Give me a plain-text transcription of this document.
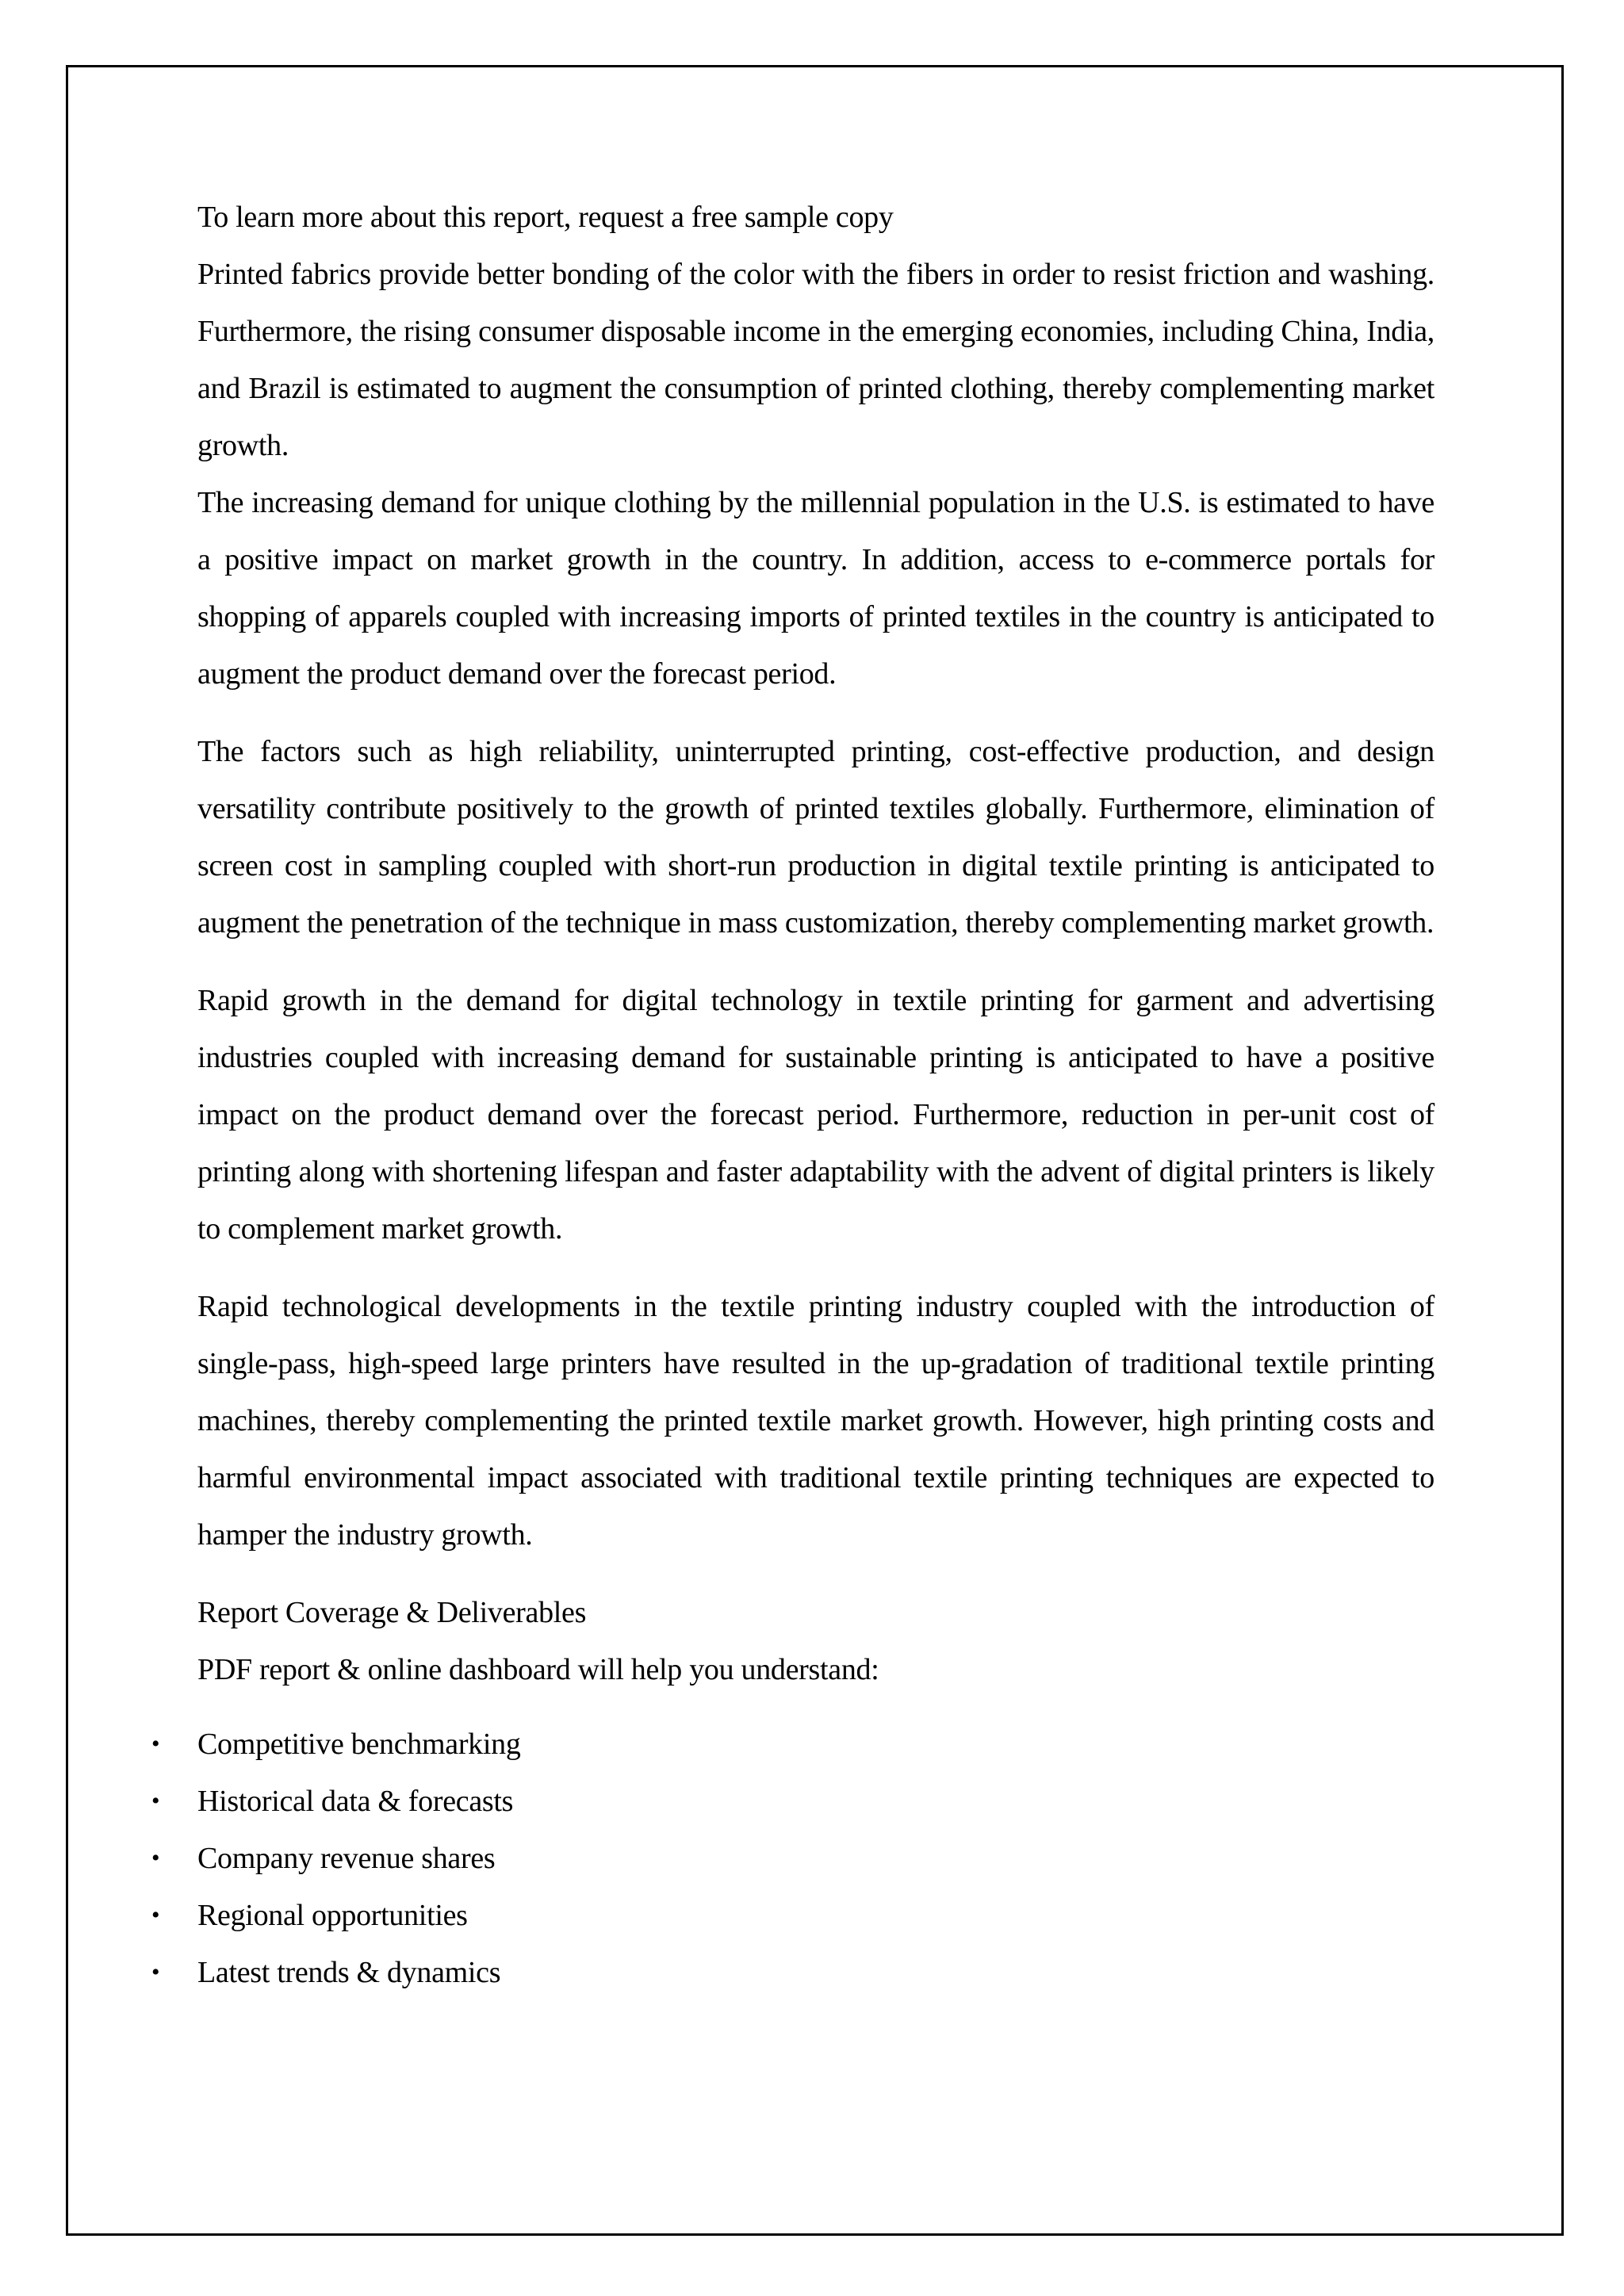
To learn more about this report, request a free sample copy

Printed fabrics provide better bonding of the color with the fibers in order to resist friction and washing. Furthermore, the rising consumer disposable income in the emerging economies, including China, India, and Brazil is estimated to augment the consumption of printed clothing, thereby complementing market growth.

The increasing demand for unique clothing by the millennial population in the U.S. is estimated to have a positive impact on market growth in the country. In addition, access to e-commerce portals for shopping of apparels coupled with increasing imports of printed textiles in the country is anticipated to augment the product demand over the forecast period.

The factors such as high reliability, uninterrupted printing, cost-effective production, and design versatility contribute positively to the growth of printed textiles globally. Furthermore, elimination of screen cost in sampling coupled with short-run production in digital textile printing is anticipated to augment the penetration of the technique in mass customization, thereby complementing market growth.

Rapid growth in the demand for digital technology in textile printing for garment and advertising industries coupled with increasing demand for sustainable printing is anticipated to have a positive impact on the product demand over the forecast period. Furthermore, reduction in per-unit cost of printing along with shortening lifespan and faster adaptability with the advent of digital printers is likely to complement market growth.

Rapid technological developments in the textile printing industry coupled with the introduction of single-pass, high-speed large printers have resulted in the up-gradation of traditional textile printing machines, thereby complementing the printed textile market growth. However, high printing costs and harmful environmental impact associated with traditional textile printing techniques are expected to hamper the industry growth.

Report Coverage & Deliverables

PDF report & online dashboard will help you understand:

• Competitive benchmarking
• Historical data & forecasts
• Company revenue shares
• Regional opportunities
• Latest trends & dynamics
